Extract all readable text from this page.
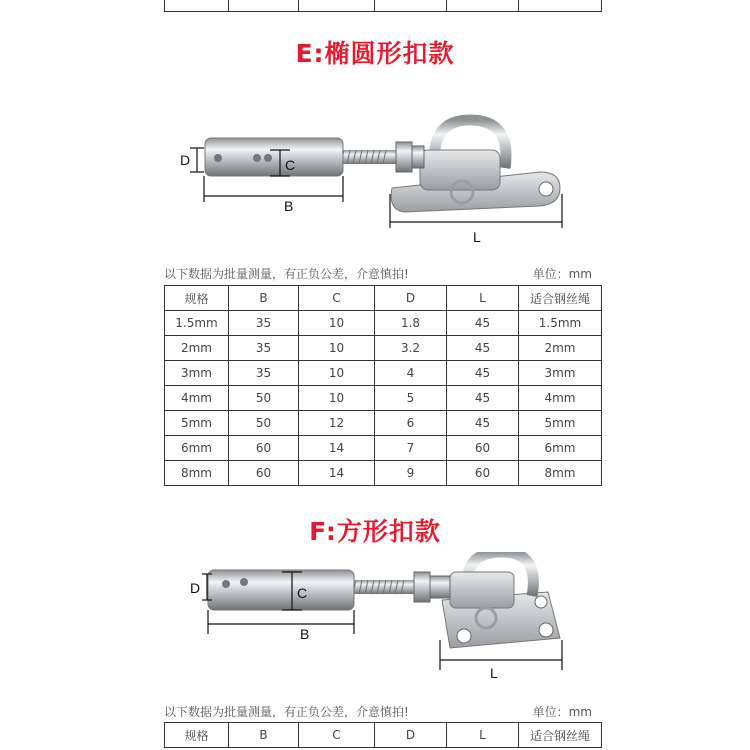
E:椭圆形扣款
D	C
B
L
以下数据为批量测量，有正负公差，介意慎拍!	单位：mm
规格	B	C	D	L	适合钢丝绳
1.5mm	35	10	1.8	45	1.5mm
2mm	35	10	3.2	45	2mm
3mm	35	10	4	45	3mm
4mm	50	10	5	45	4mm
5mm	50	12	6	45	5mm
6mm	60	14	7	60	6mm
8mm	60	14	9	60	8mm
F:方形扣款
D	C
B
L
以下数据为批量测量，有正负公差，介意慎拍!	单位：mm
规格	B	C	D	L	适合钢丝绳
